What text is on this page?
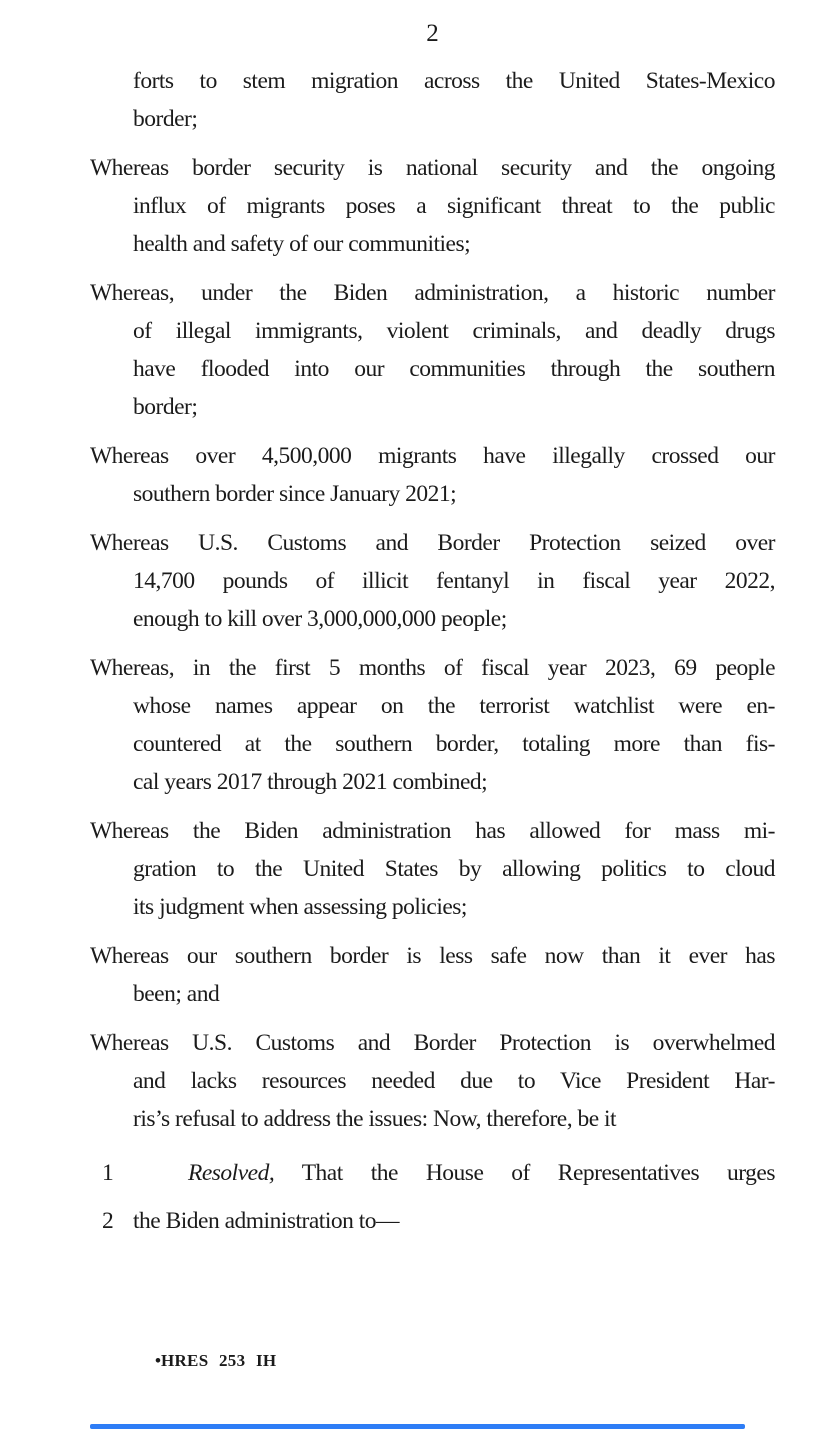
2
forts to stem migration across the United States-Mexico
border;
Whereas border security is national security and the ongoing
influx of migrants poses a significant threat to the public
health and safety of our communities;
Whereas, under the Biden administration, a historic number
of illegal immigrants, violent criminals, and deadly drugs
have flooded into our communities through the southern
border;
Whereas over 4,500,000 migrants have illegally crossed our
southern border since January 2021;
Whereas U.S. Customs and Border Protection seized over
14,700 pounds of illicit fentanyl in fiscal year 2022,
enough to kill over 3,000,000,000 people;
Whereas, in the first 5 months of fiscal year 2023, 69 people
whose names appear on the terrorist watchlist were en-
countered at the southern border, totaling more than fis-
cal years 2017 through 2021 combined;
Whereas the Biden administration has allowed for mass mi-
gration to the United States by allowing politics to cloud
its judgment when assessing policies;
Whereas our southern border is less safe now than it ever has
been; and
Whereas U.S. Customs and Border Protection is overwhelmed
and lacks resources needed due to Vice President Har-
ris’s refusal to address the issues: Now, therefore, be it
1	Resolved, That the House of Representatives urges
2 the Biden administration to—
•HRES 253 IH
